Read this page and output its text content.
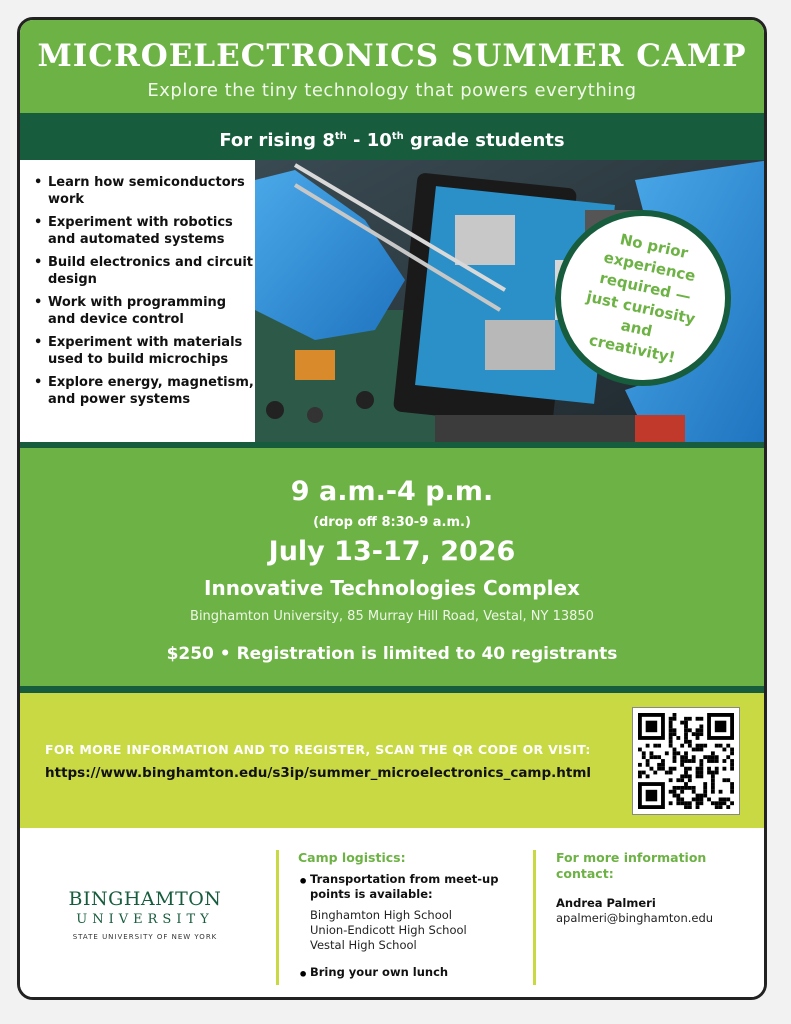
MICROELECTRONICS SUMMER CAMP
Explore the tiny technology that powers everything
For rising 8th - 10th grade students
• Learn how semiconductors work
• Experiment with robotics and automated systems
• Build electronics and circuit design
• Work with programming and device control
• Experiment with materials used to build microchips
• Explore energy, magnetism, and power systems
No prior experience required — just curiosity and creativity!
9 a.m.-4 p.m.
(drop off 8:30-9 a.m.)
July 13-17, 2026
Innovative Technologies Complex
Binghamton University, 85 Murray Hill Road, Vestal, NY 13850
$250 • Registration is limited to 40 registrants
FOR MORE INFORMATION AND TO REGISTER, SCAN THE QR CODE OR VISIT:
https://www.binghamton.edu/s3ip/summer_microelectronics_camp.html
BINGHAMTON
UNIVERSITY
STATE UNIVERSITY OF NEW YORK
Camp logistics:
• Transportation from meet-up points is available:
Binghamton High School
Union-Endicott High School
Vestal High School
• Bring your own lunch
For more information contact:
Andrea Palmeri
apalmeri@binghamton.edu
